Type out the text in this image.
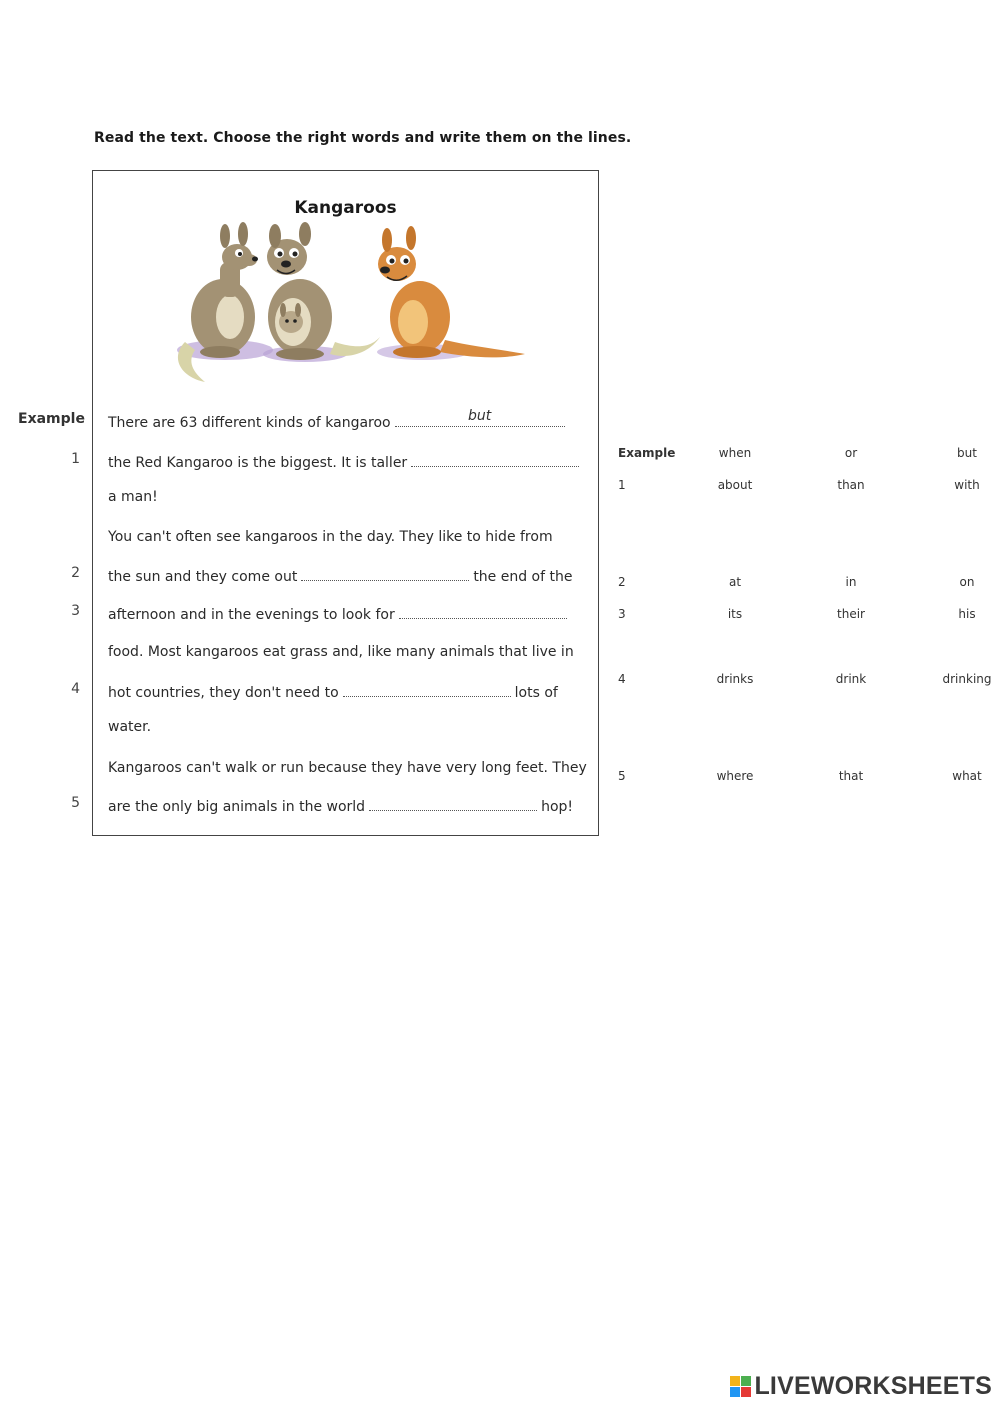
Read the text. Choose the right words and write them on the lines.
Kangaroos
Example There are 63 different kinds of kangaroo	but
1 the Red Kangaroo is the biggest. It is taller
a man!
You can't often see kangaroos in the day. They like to hide from
2 the sun and they come out	the end of the
3 afternoon and in the evenings to look for
food. Most kangaroos eat grass and, like many animals that live in
4 hot countries, they don't need to	lots of
water.
Kangaroos can't walk or run because they have very long feet. They
5 are the only big animals in the world	hop!
Example	when	or	but
1	about	than	with
2	at	in	on
3	its	their	his
4	drinks	drink	drinking
5	where	that	what
LIVEWORKSHEETS
